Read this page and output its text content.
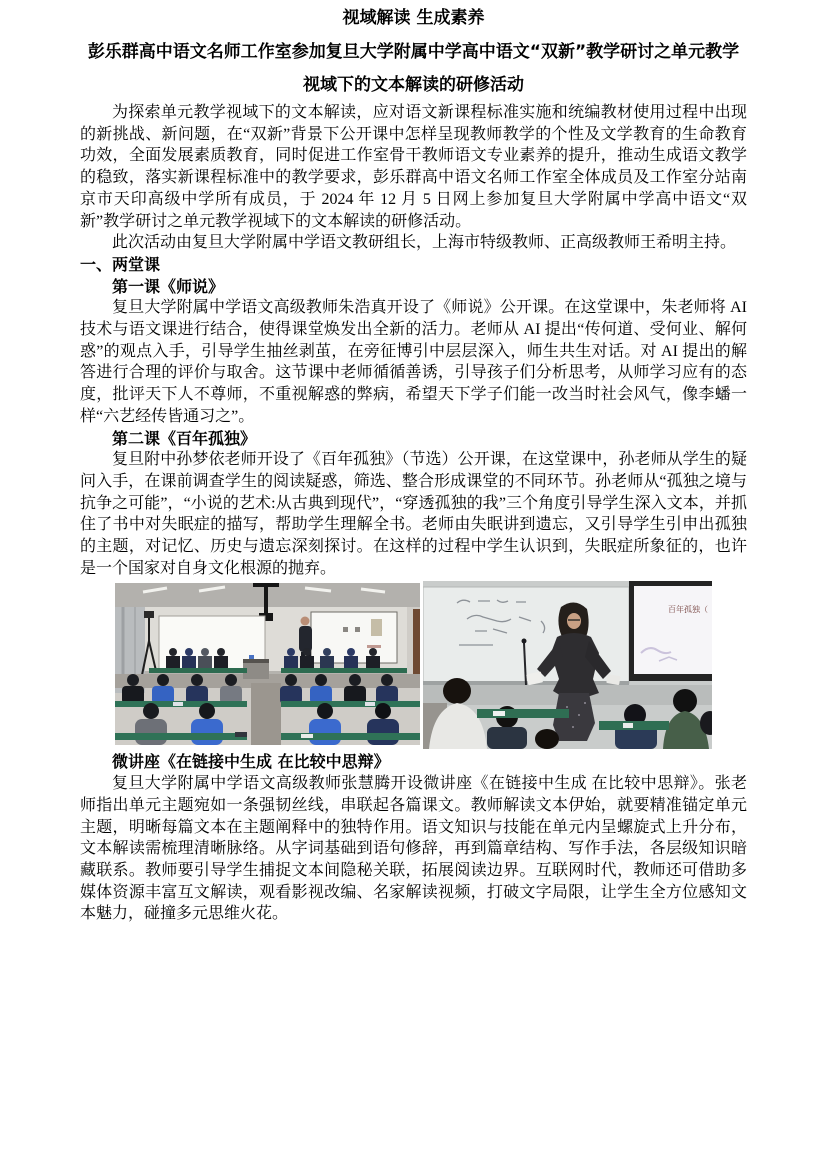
视域解读 生成素养
彭乐群高中语文名师工作室参加复旦大学附属中学高中语文“双新”教学研讨之单元教学视域下的文本解读的研修活动

为探索单元教学视域下的文本解读，应对语文新课程标准实施和统编教材使用过程中出现的新挑战、新问题，在“双新”背景下公开课中怎样呈现教师教学的个性及文学教育的生命教育功效，全面发展素质教育，同时促进工作室骨干教师语文专业素养的提升，推动生成语文教学的稳致，落实新课程标准中的教学要求，彭乐群高中语文名师工作室全体成员及工作室分站南京市天印高级中学所有成员，于 2024 年 12 月 5 日网上参加复旦大学附属中学高中语文“双新”教学研讨之单元教学视域下的文本解读的研修活动。

此次活动由复旦大学附属中学语文教研组长，上海市特级教师、正高级教师王希明主持。

一、两堂课
第一课《师说》

复旦大学附属中学语文高级教师朱浩真开设了《师说》公开课。在这堂课中，朱老师将 AI 技术与语文课进行结合，使得课堂焕发出全新的活力。老师从 AI 提出“传何道、受何业、解何惑”的观点入手，引导学生抽丝剥茧，在旁征博引中层层深入，师生共生对话。对 AI 提出的解答进行合理的评价与取舍。这节课中老师循循善诱，引导孩子们分析思考，从师学习应有的态度，批评天下人不尊师，不重视解惑的弊病，希望天下学子们能一改当时社会风气，像李蟠一样“六艺经传皆通习之”。

第二课《百年孤独》

复旦附中孙梦依老师开设了《百年孤独》（节选）公开课，在这堂课中，孙老师从学生的疑问入手，在课前调查学生的阅读疑惑，筛选、整合形成课堂的不同环节。孙老师从“孤独之境与抗争之可能”，“小说的艺术:从古典到现代”，“穿透孤独的我”三个角度引导学生深入文本，并抓住了书中对失眠症的描写，帮助学生理解全书。老师由失眠讲到遗忘，又引导学生引申出孤独的主题，对记忆、历史与遗忘深刻探讨。在这样的过程中学生认识到，失眠症所象征的，也许是一个国家对自身文化根源的抛弃。

百年孤独（
微讲座《在链接中生成 在比较中思辩》

复旦大学附属中学语文高级教师张慧腾开设微讲座《在链接中生成 在比较中思辩》。张老师指出单元主题宛如一条强韧丝线，串联起各篇课文。教师解读文本伊始，就要精准锚定单元主题，明晰每篇文本在主题阐释中的独特作用。语文知识与技能在单元内呈螺旋式上升分布，文本解读需梳理清晰脉络。从字词基础到语句修辞，再到篇章结构、写作手法，各层级知识暗藏联系。教师要引导学生捕捉文本间隐秘关联，拓展阅读边界。互联网时代，教师还可借助多媒体资源丰富互文解读，观看影视改编、名家解读视频，打破文字局限，让学生全方位感知文本魅力，碰撞多元思维火花。
